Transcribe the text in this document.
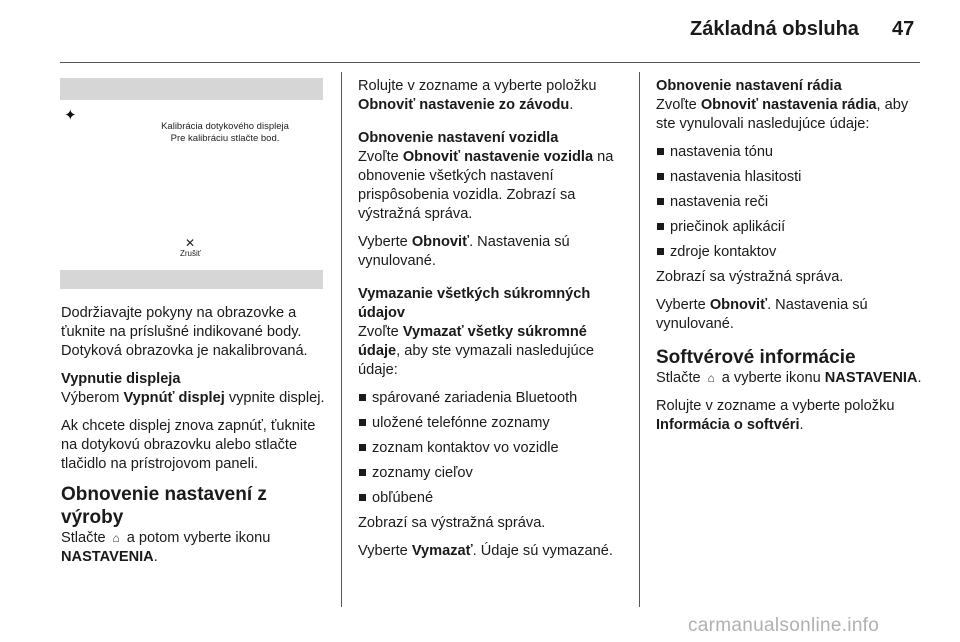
Základná obsluha 47
✦
Kalibrácia dotykového displeja
Pre kalibráciu stlačte bod.
✕
Zrušiť

Dodržiavajte pokyny na obrazovke a ťuknite na príslušné indikované body. Dotyková obrazovka je nakalibrovaná.

Vypnutie displeja
Výberom Vypnúť displej vypnite displej.

Ak chcete displej znova zapnúť, ťuknite na dotykovú obrazovku alebo stlačte tlačidlo na prístrojovom paneli.

Obnovenie nastavení z výroby

Stlačte ⌂ a potom vyberte ikonu NASTAVENIA.

Rolujte v zozname a vyberte položku Obnoviť nastavenie zo závodu.

Obnovenie nastavení vozidla
Zvoľte Obnoviť nastavenie vozidla na obnovenie všetkých nastavení prispôsobenia vozidla. Zobrazí sa výstražná správa.

Vyberte Obnoviť. Nastavenia sú vynulované.

Vymazanie všetkých súkromných údajov
Zvoľte Vymazať všetky súkromné údaje, aby ste vymazali nasledujúce údaje:

spárované zariadenia Bluetooth
uložené telefónne zoznamy
zoznam kontaktov vo vozidle
zoznamy cieľov
obľúbené

Zobrazí sa výstražná správa.

Vyberte Vymazať. Údaje sú vymazané.

Obnovenie nastavení rádia
Zvoľte Obnoviť nastavenia rádia, aby ste vynulovali nasledujúce údaje:

nastavenia tónu
nastavenia hlasitosti
nastavenia reči
priečinok aplikácií
zdroje kontaktov

Zobrazí sa výstražná správa.

Vyberte Obnoviť. Nastavenia sú vynulované.

Softvérové informácie

Stlačte ⌂ a vyberte ikonu NASTAVENIA.

Rolujte v zozname a vyberte položku Informácia o softvéri.

carmanualsonline.info
